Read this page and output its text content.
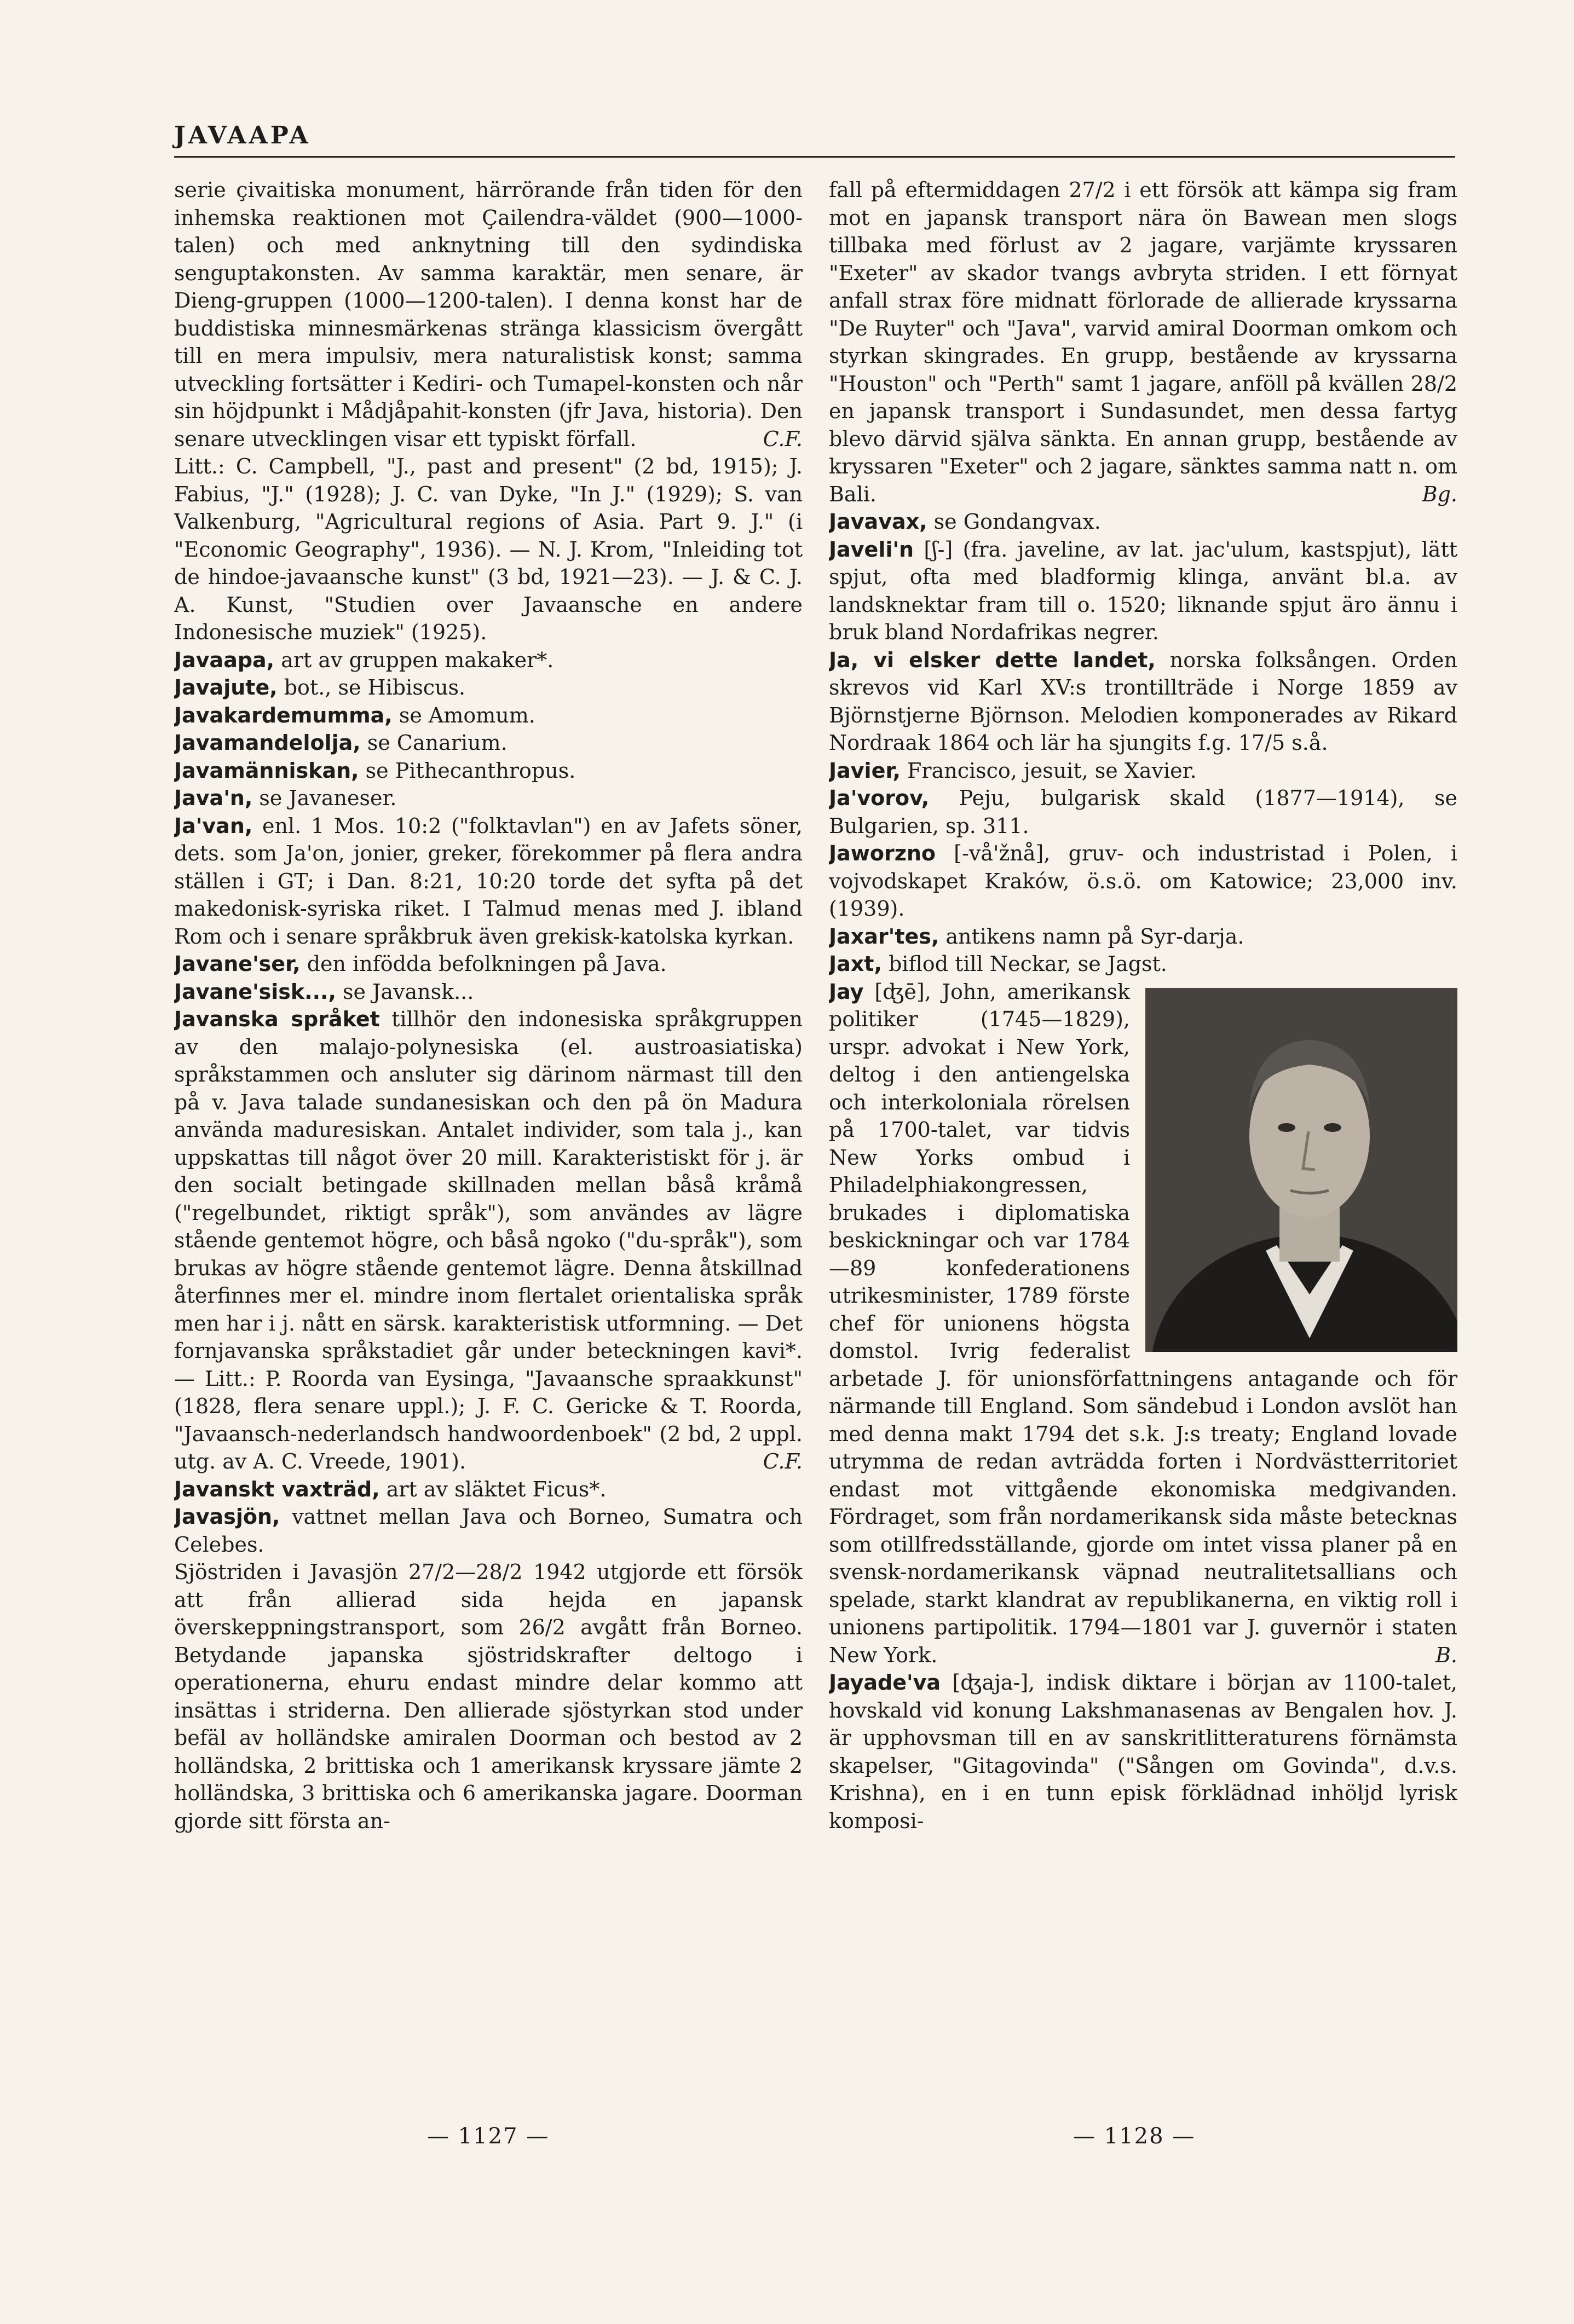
JAVAAPA

serie çivaitiska monument, härrörande från tiden för den inhemska reaktionen mot Çailendra-väldet (900—1000-talen) och med anknytning till den sydindiska senguptakonsten. Av samma karaktär, men senare, är Dieng-gruppen (1000—1200-talen). I denna konst har de buddistiska minnesmärkenas stränga klassicism övergått till en mera impulsiv, mera naturalistisk konst; samma utveckling fortsätter i Kediri- och Tumapel-konsten och når sin höjdpunkt i Mådjåpahit-konsten (jfr Java, historia). Den senare utvecklingen visar ett typiskt förfall.	C.F.

Litt.: C. Campbell, "J., past and present" (2 bd, 1915); J. Fabius, "J." (1928); J. C. van Dyke, "In J." (1929); S. van Valkenburg, "Agricultural regions of Asia. Part 9. J." (i "Economic Geography", 1936). — N. J. Krom, "Inleiding tot de hindoe-javaansche kunst" (3 bd, 1921—23). — J. & C. J. A. Kunst, "Studien over Javaansche en andere Indonesische muziek" (1925).

Javaapa, art av gruppen makaker*.

Javajute, bot., se Hibiscus.

Javakardemumma, se Amomum.

Javamandelolja, se Canarium.

Javamänniskan, se Pithecanthropus.

Java'n, se Javaneser.

Ja'van, enl. 1 Mos. 10:2 ("folktavlan") en av Jafets söner, dets. som Ja'on, jonier, greker, förekommer på flera andra ställen i GT; i Dan. 8:21, 10:20 torde det syfta på det makedonisk-syriska riket. I Talmud menas med J. ibland Rom och i senare språkbruk även grekisk-katolska kyrkan.

Javane'ser, den infödda befolkningen på Java.

Javane'sisk..., se Javansk...

Javanska språket tillhör den indonesiska språkgruppen av den malajo-polynesiska (el. austroasiatiska) språkstammen och ansluter sig därinom närmast till den på v. Java talade sundanesiskan och den på ön Madura använda maduresiskan. Antalet individer, som tala j., kan uppskattas till något över 20 mill. Karakteristiskt för j. är den socialt betingade skillnaden mellan båså kråmå ("regelbundet, riktigt språk"), som användes av lägre stående gentemot högre, och båså ngoko ("du-språk"), som brukas av högre stående gentemot lägre. Denna åtskillnad återfinnes mer el. mindre inom flertalet orientaliska språk men har i j. nått en särsk. karakteristisk utformning. — Det fornjavanska språkstadiet går under beteckningen kavi*. — Litt.: P. Roorda van Eysinga, "Javaansche spraakkunst" (1828, flera senare uppl.); J. F. C. Gericke & T. Roorda, "Javaansch-nederlandsch handwoordenboek" (2 bd, 2 uppl. utg. av A. C. Vreede, 1901).	C.F.

Javanskt vaxträd, art av släktet Ficus*.

Javasjön, vattnet mellan Java och Borneo, Sumatra och Celebes.

Sjöstriden i Javasjön 27/2—28/2 1942 utgjorde ett försök att från allierad sida hejda en japansk överskeppningstransport, som 26/2 avgått från Borneo. Betydande japanska sjöstridskrafter deltogo i operationerna, ehuru endast mindre delar kommo att insättas i striderna. Den allierade sjöstyrkan stod under befäl av holländske amiralen Doorman och bestod av 2 holländska, 2 brittiska och 1 amerikansk kryssare jämte 2 holländska, 3 brittiska och 6 amerikanska jagare. Doorman gjorde sitt första an-

fall på eftermiddagen 27/2 i ett försök att kämpa sig fram mot en japansk transport nära ön Bawean men slogs tillbaka med förlust av 2 jagare, varjämte kryssaren "Exeter" av skador tvangs avbryta striden. I ett förnyat anfall strax före midnatt förlorade de allierade kryssarna "De Ruyter" och "Java", varvid amiral Doorman omkom och styrkan skingrades. En grupp, bestående av kryssarna "Houston" och "Perth" samt 1 jagare, anföll på kvällen 28/2 en japansk transport i Sundasundet, men dessa fartyg blevo därvid själva sänkta. En annan grupp, bestående av kryssaren "Exeter" och 2 jagare, sänktes samma natt n. om Bali.	Bg.

Javavax, se Gondangvax.

Javeli'n [ʃ-] (fra. javeline, av lat. jac'ulum, kastspjut), lätt spjut, ofta med bladformig klinga, använt bl.a. av landsknektar fram till o. 1520; liknande spjut äro ännu i bruk bland Nordafrikas negrer.

Ja, vi elsker dette landet, norska folksången. Orden skrevos vid Karl XV:s trontillträde i Norge 1859 av Björnstjerne Björnson. Melodien komponerades av Rikard Nordraak 1864 och lär ha sjungits f.g. 17/5 s.å.

Javier, Francisco, jesuit, se Xavier.

Ja'vorov, Peju, bulgarisk skald (1877—1914), se Bulgarien, sp. 311.

Jaworzno [-vå'žnå], gruv- och industristad i Polen, i vojvodskapet Kraków, ö.s.ö. om Katowice; 23,000 inv. (1939).

Jaxar'tes, antikens namn på Syr-darja.

Jaxt, biflod till Neckar, se Jagst.

Jay
[ʤē], John, amerikansk politiker (1745—1829), urspr. advokat i New York, deltog i den antiengelska och interkoloniala rörelsen på 1700-talet, var tidvis New Yorks ombud i Philadelphiakongressen, brukades i diplomatiska beskickningar och var 1784—89 konfederationens utrikesminister, 1789 förste chef för unionens högsta domstol. Ivrig federalist arbetade J. för unionsförfattningens antagande och för närmande till England. Som sändebud i London avslöt han med denna makt 1794 det s.k. J:s treaty; England lovade utrymma de redan avträdda forten i Nordvästterritoriet endast mot vittgående ekonomiska medgivanden. Fördraget, som från nordamerikansk sida måste betecknas som otillfredsställande, gjorde om intet vissa planer på en svensk-nordamerikansk väpnad neutralitetsallians och spelade, starkt klandrat av republikanerna, en viktig roll i unionens partipolitik. 1794—1801 var J. guvernör i staten New York.	B.

Jayade'va [ʤaja-], indisk diktare i början av 1100-talet, hovskald vid konung Lakshmanasenas av Bengalen hov. J. är upphovsman till en av sanskritlitteraturens förnämsta skapelser, "Gitagovinda" ("Sången om Govinda", d.v.s. Krishna), en i en tunn episk förklädnad inhöljd lyrisk komposi-

— 1127 —	— 1128 —
